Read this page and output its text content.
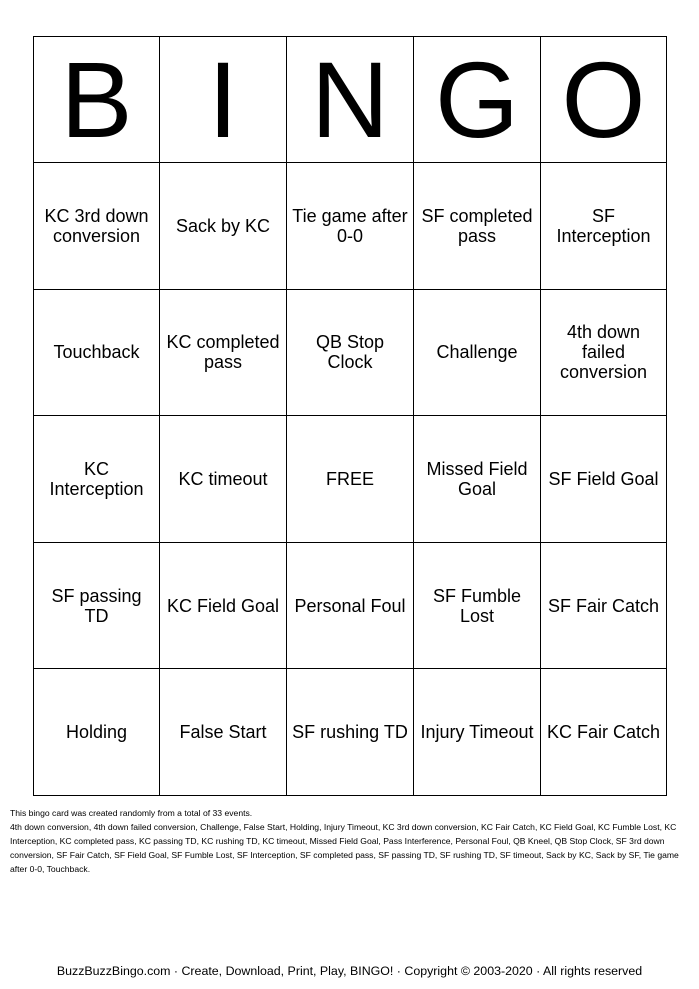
B	I	N	G	O
KC 3rd down conversion	Sack by KC	Tie game after 0-0	SF completed pass	SF Interception
Touchback	KC completed pass	QB Stop Clock	Challenge	4th down failed conversion
KC Interception	KC timeout	FREE	Missed Field Goal	SF Field Goal
SF passing TD	KC Field Goal	Personal Foul	SF Fumble Lost	SF Fair Catch
Holding	False Start	SF rushing TD	Injury Timeout	KC Fair Catch
This bingo card was created randomly from a total of 33 events.
4th down conversion, 4th down failed conversion, Challenge, False Start, Holding, Injury Timeout, KC 3rd down conversion, KC Fair Catch, KC Field Goal, KC Fumble Lost, KC Interception, KC completed pass, KC passing TD, KC rushing TD, KC timeout, Missed Field Goal, Pass Interference, Personal Foul, QB Kneel, QB Stop Clock, SF 3rd down conversion, SF Fair Catch, SF Field Goal, SF Fumble Lost, SF Interception, SF completed pass, SF passing TD, SF rushing TD, SF timeout, Sack by KC, Sack by SF, Tie game after 0-0, Touchback.
BuzzBuzzBingo.com · Create, Download, Print, Play, BINGO! · Copyright © 2003-2020 · All rights reserved
